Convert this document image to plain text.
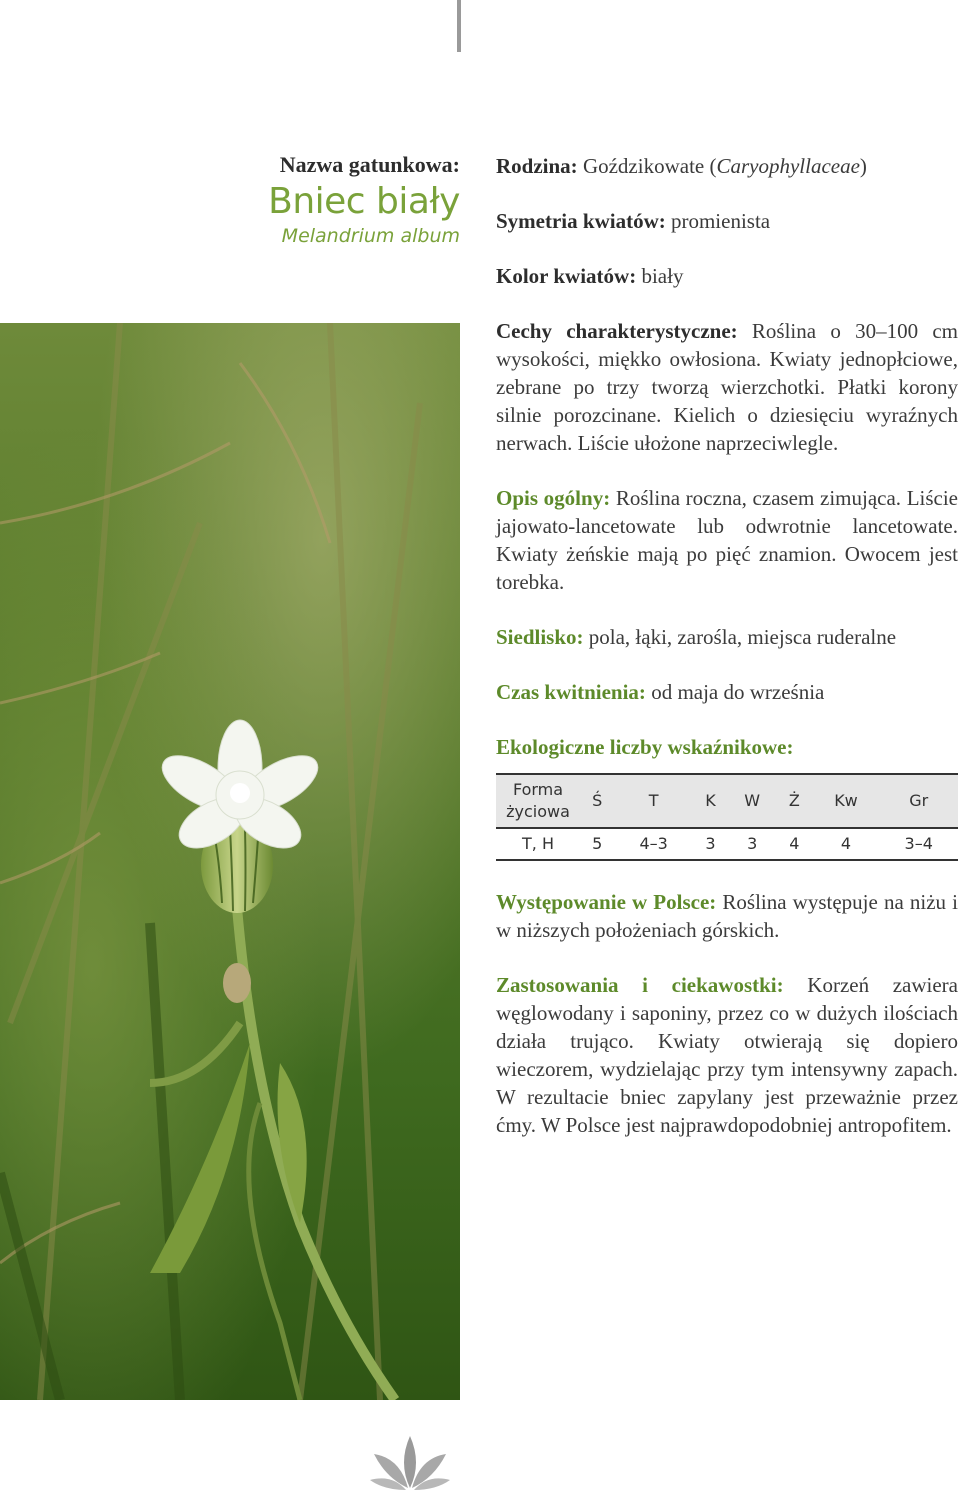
Nazwa gatunkowa:
Bniec biały
Melandrium album

Rodzina: Goździkowate (Caryophyllaceae)

Symetria kwiatów: promienista

Kolor kwiatów: biały

Cechy charakterystyczne: Roślina o 30–100 cm wysokości, miękko owłosiona. Kwiaty jednopłciowe, zebrane po trzy tworzą wierzchotki. Płatki korony silnie porozcinane. Kielich o dziesięciu wyraźnych nerwach. Liście ułożone naprzeciwlegle.

Opis ogólny: Roślina roczna, czasem zimująca. Liście jajowato-lancetowate lub odwrotnie lancetowate. Kwiaty żeńskie mają po pięć znamion. Owocem jest torebka.

Siedlisko: pola, łąki, zarośla, miejsca ruderalne

Czas kwitnienia: od maja do września

Ekologiczne liczby wskaźnikowe:

Forma życiowa	Ś	T	K	W	Ż	Kw	Gr
T, H	5	4–3	3	3	4	4	3–4

Występowanie w Polsce: Roślina występuje na niżu i w niższych położeniach górskich.

Zastosowania i ciekawostki: Korzeń zawiera węglowodany i saponiny, przez co w dużych ilościach działa trująco. Kwiaty otwierają się dopiero wieczorem, wydzielając przy tym intensywny zapach. W rezultacie bniec zapylany jest przeważnie przez ćmy. W Polsce jest najprawdopodobniej antropofitem.
